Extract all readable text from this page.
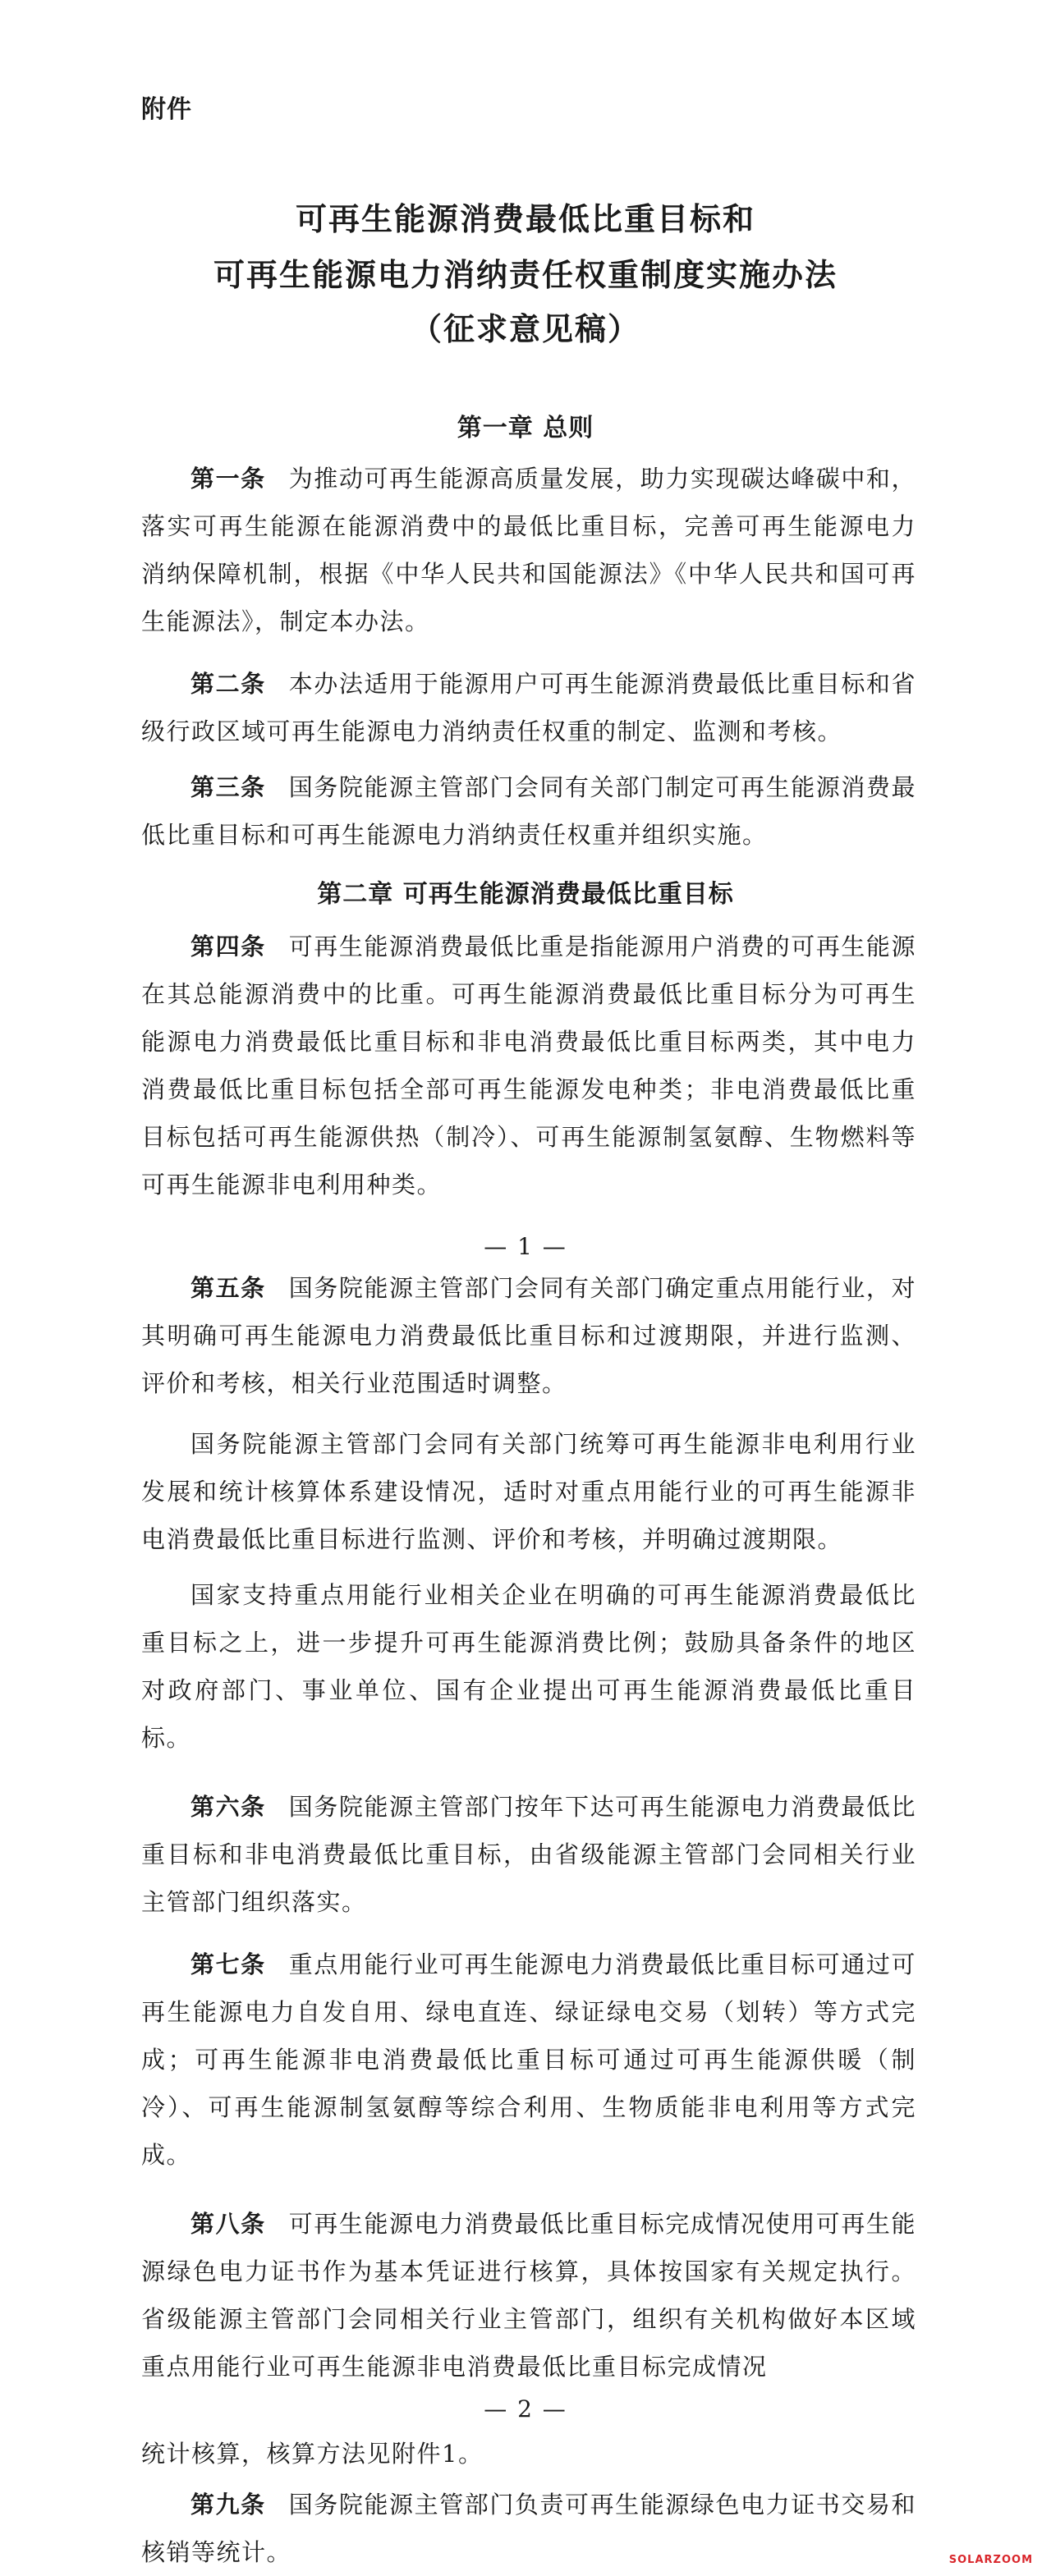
附件
可再生能源消费最低比重目标和
可再生能源电力消纳责任权重制度实施办法
（征求意见稿）
第一章 总则

第一条 为推动可再生能源高质量发展，助力实现碳达峰碳中和，落实可再生能源在能源消费中的最低比重目标，完善可再生能源电力消纳保障机制，根据《中华人民共和国能源法》《中华人民共和国可再生能源法》，制定本办法。

第二条 本办法适用于能源用户可再生能源消费最低比重目标和省级行政区域可再生能源电力消纳责任权重的制定、监测和考核。

第三条 国务院能源主管部门会同有关部门制定可再生能源消费最低比重目标和可再生能源电力消纳责任权重并组织实施。

第二章 可再生能源消费最低比重目标

第四条 可再生能源消费最低比重是指能源用户消费的可再生能源在其总能源消费中的比重。可再生能源消费最低比重目标分为可再生能源电力消费最低比重目标和非电消费最低比重目标两类，其中电力消费最低比重目标包括全部可再生能源发电种类；非电消费最低比重目标包括可再生能源供热（制冷）、可再生能源制氢氨醇、生物燃料等可再生能源非电利用种类。

— 1 —

第五条 国务院能源主管部门会同有关部门确定重点用能行业，对其明确可再生能源电力消费最低比重目标和过渡期限，并进行监测、评价和考核，相关行业范围适时调整。

国务院能源主管部门会同有关部门统筹可再生能源非电利用行业发展和统计核算体系建设情况，适时对重点用能行业的可再生能源非电消费最低比重目标进行监测、评价和考核，并明确过渡期限。

国家支持重点用能行业相关企业在明确的可再生能源消费最低比重目标之上，进一步提升可再生能源消费比例；鼓励具备条件的地区对政府部门、事业单位、国有企业提出可再生能源消费最低比重目标。

第六条 国务院能源主管部门按年下达可再生能源电力消费最低比重目标和非电消费最低比重目标，由省级能源主管部门会同相关行业主管部门组织落实。

第七条 重点用能行业可再生能源电力消费最低比重目标可通过可再生能源电力自发自用、绿电直连、绿证绿电交易（划转）等方式完成；可再生能源非电消费最低比重目标可通过可再生能源供暖（制冷）、可再生能源制氢氨醇等综合利用、生物质能非电利用等方式完成。

第八条 可再生能源电力消费最低比重目标完成情况使用可再生能源绿色电力证书作为基本凭证进行核算，具体按国家有关规定执行。省级能源主管部门会同相关行业主管部门，组织有关机构做好本区域重点用能行业可再生能源非电消费最低比重目标完成情况

— 2 —

统计核算，核算方法见附件1。

第九条 国务院能源主管部门负责可再生能源绿色电力证书交易和核销等统计。	SOLARZOOM
